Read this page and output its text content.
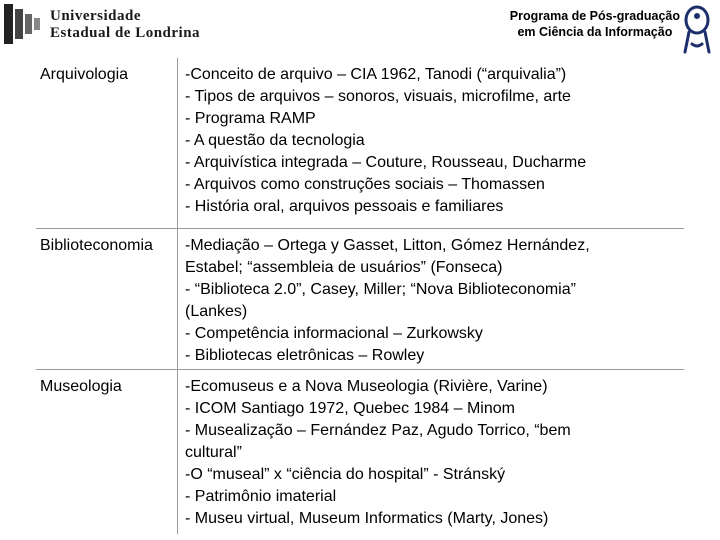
Universidade
Estadual de Londrina
Programa de Pós-graduação
em Ciência da Informação
Arquivologia	-Conceito de arquivo – CIA 1962, Tanodi (“arquivalia”)
- Tipos de arquivos – sonoros, visuais, microfilme, arte
- Programa RAMP
- A questão da tecnologia
- Arquivística integrada – Couture, Rousseau, Ducharme
- Arquivos como construções sociais – Thomassen
- História oral, arquivos pessoais e familiares
Biblioteconomia -Mediação – Ortega y Gasset, Litton, Gómez Hernández,
Estabel; “assembleia de usuários” (Fonseca)
- “Biblioteca 2.0”, Casey, Miller; “Nova Biblioteconomia”
(Lankes)
- Competência informacional – Zurkowsky
- Bibliotecas eletrônicas – Rowley
Museologia	-Ecomuseus e a Nova Museologia (Rivière, Varine)
- ICOM Santiago 1972, Quebec 1984 – Minom
- Musealização – Fernández Paz, Agudo Torrico, “bem
cultural”
-O “museal” x “ciência do hospital” - Stránský
- Patrimônio imaterial
- Museu virtual, Museum Informatics (Marty, Jones)
